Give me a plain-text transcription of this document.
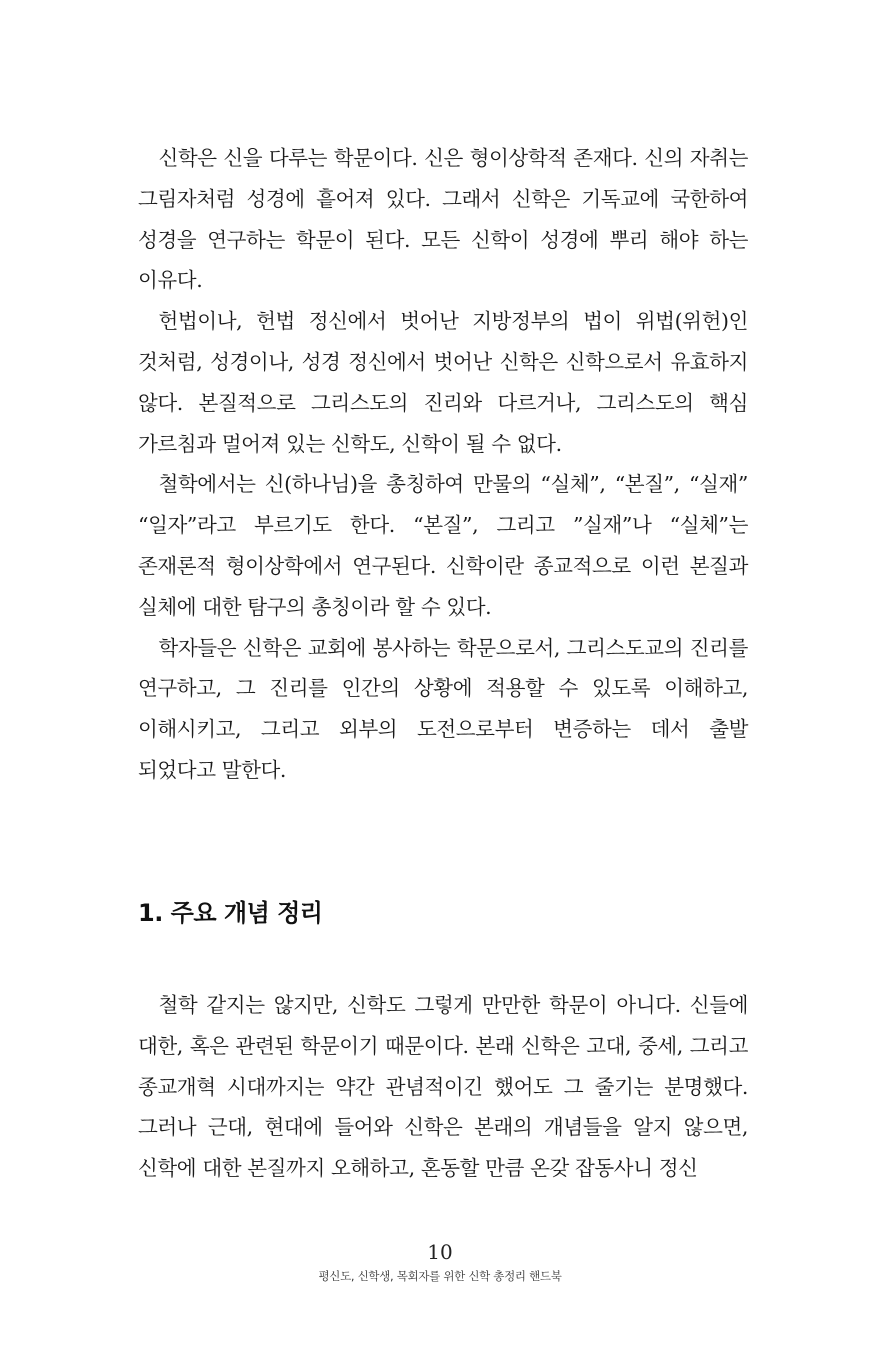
신학은 신을 다루는 학문이다. 신은 형이상학적 존재다. 신의 자취는 그림자처럼 성경에 흩어져 있다. 그래서 신학은 기독교에 국한하여 성경을 연구하는 학문이 된다. 모든 신학이 성경에 뿌리 해야 하는 이유다.

헌법이나, 헌법 정신에서 벗어난 지방정부의 법이 위법(위헌)인 것처럼, 성경이나, 성경 정신에서 벗어난 신학은 신학으로서 유효하지 않다. 본질적으로 그리스도의 진리와 다르거나, 그리스도의 핵심 가르침과 멀어져 있는 신학도, 신학이 될 수 없다.

철학에서는 신(하나님)을 총칭하여 만물의 “실체”, “본질”, “실재” “일자”라고 부르기도 한다. “본질”, 그리고 ”실재”나 “실체”는 존재론적 형이상학에서 연구된다. 신학이란 종교적으로 이런 본질과 실체에 대한 탐구의 총칭이라 할 수 있다.

학자들은 신학은 교회에 봉사하는 학문으로서, 그리스도교의 진리를 연구하고, 그 진리를 인간의 상황에 적용할 수 있도록 이해하고, 이해시키고, 그리고 외부의 도전으로부터 변증하는 데서 출발 되었다고 말한다.

1. 주요 개념 정리

철학 같지는 않지만, 신학도 그렇게 만만한 학문이 아니다. 신들에 대한, 혹은 관련된 학문이기 때문이다. 본래 신학은 고대, 중세, 그리고 종교개혁 시대까지는 약간 관념적이긴 했어도 그 줄기는 분명했다. 그러나 근대, 현대에 들어와 신학은 본래의 개념들을 알지 않으면, 신학에 대한 본질까지 오해하고, 혼동할 만큼 온갖 잡동사니 정신

10
평신도, 신학생, 목회자를 위한 신학 총정리 핸드북
